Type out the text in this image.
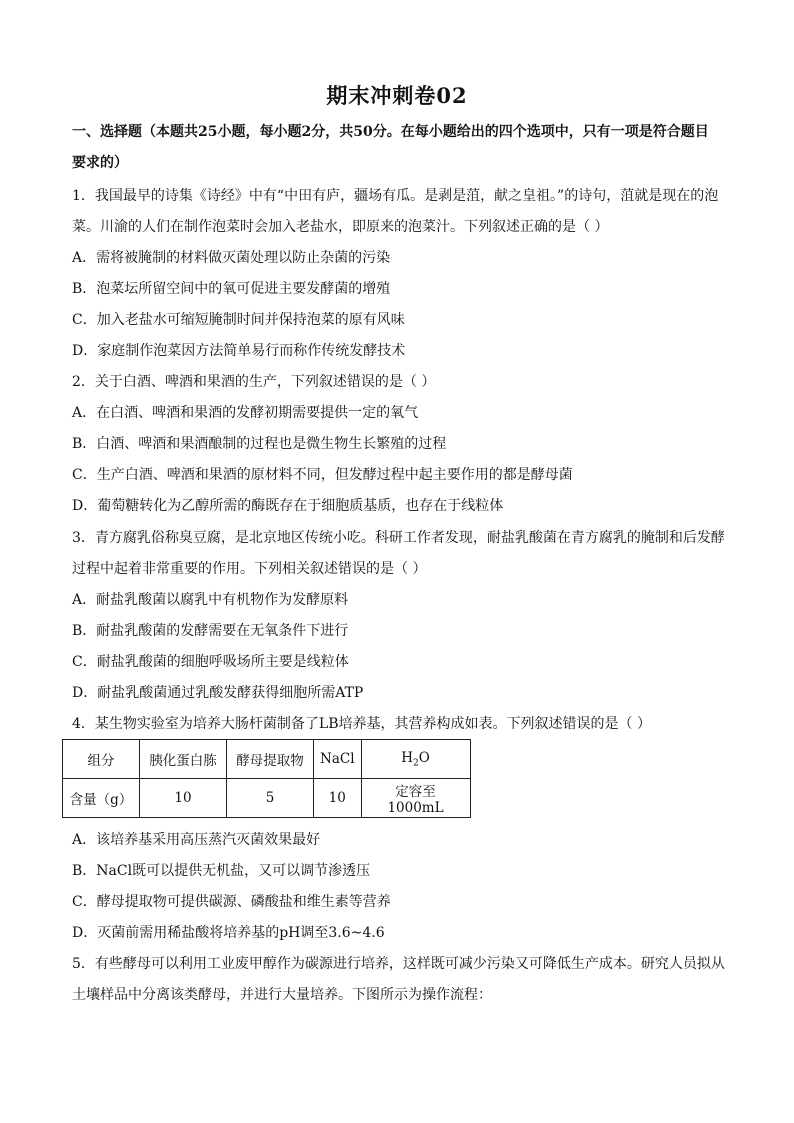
期末冲刺卷02
一、选择题（本题共25小题，每小题2分，共50分。在每小题给出的四个选项中，只有一项是符合题目
要求的）
1．我国最早的诗集《诗经》中有“中田有庐，疆场有瓜。是剥是菹，献之皇祖。”的诗句，菹就是现在的泡
菜。川渝的人们在制作泡菜时会加入老盐水，即原来的泡菜汁。下列叙述正确的是（ ）
A．需将被腌制的材料做灭菌处理以防止杂菌的污染
B．泡菜坛所留空间中的氧可促进主要发酵菌的增殖
C．加入老盐水可缩短腌制时间并保持泡菜的原有风味
D．家庭制作泡菜因方法简单易行而称作传统发酵技术
2．关于白酒、啤酒和果酒的生产，下列叙述错误的是（ ）
A．在白酒、啤酒和果酒的发酵初期需要提供一定的氧气
B．白酒、啤酒和果酒酿制的过程也是微生物生长繁殖的过程
C．生产白酒、啤酒和果酒的原材料不同，但发酵过程中起主要作用的都是酵母菌
D．葡萄糖转化为乙醇所需的酶既存在于细胞质基质，也存在于线粒体
3．青方腐乳俗称臭豆腐，是北京地区传统小吃。科研工作者发现，耐盐乳酸菌在青方腐乳的腌制和后发酵
过程中起着非常重要的作用。下列相关叙述错误的是（ ）
A．耐盐乳酸菌以腐乳中有机物作为发酵原料
B．耐盐乳酸菌的发酵需要在无氧条件下进行
C．耐盐乳酸菌的细胞呼吸场所主要是线粒体
D．耐盐乳酸菌通过乳酸发酵获得细胞所需ATP
4．某生物实验室为培养大肠杆菌制备了LB培养基，其营养构成如表。下列叙述错误的是（ ）
组分	胰化蛋白胨	酵母提取物	NaCl	$H_2O$
含量（g）	10	5	10	定容至1000mL
A．该培养基采用高压蒸汽灭菌效果最好
B．NaCl既可以提供无机盐，又可以调节渗透压
C．酵母提取物可提供碳源、磷酸盐和维生素等营养
D．灭菌前需用稀盐酸将培养基的pH调至3.6~4.6
5．有些酵母可以利用工业废甲醇作为碳源进行培养，这样既可减少污染又可降低生产成本。研究人员拟从
土壤样品中分离该类酵母，并进行大量培养。下图所示为操作流程：
